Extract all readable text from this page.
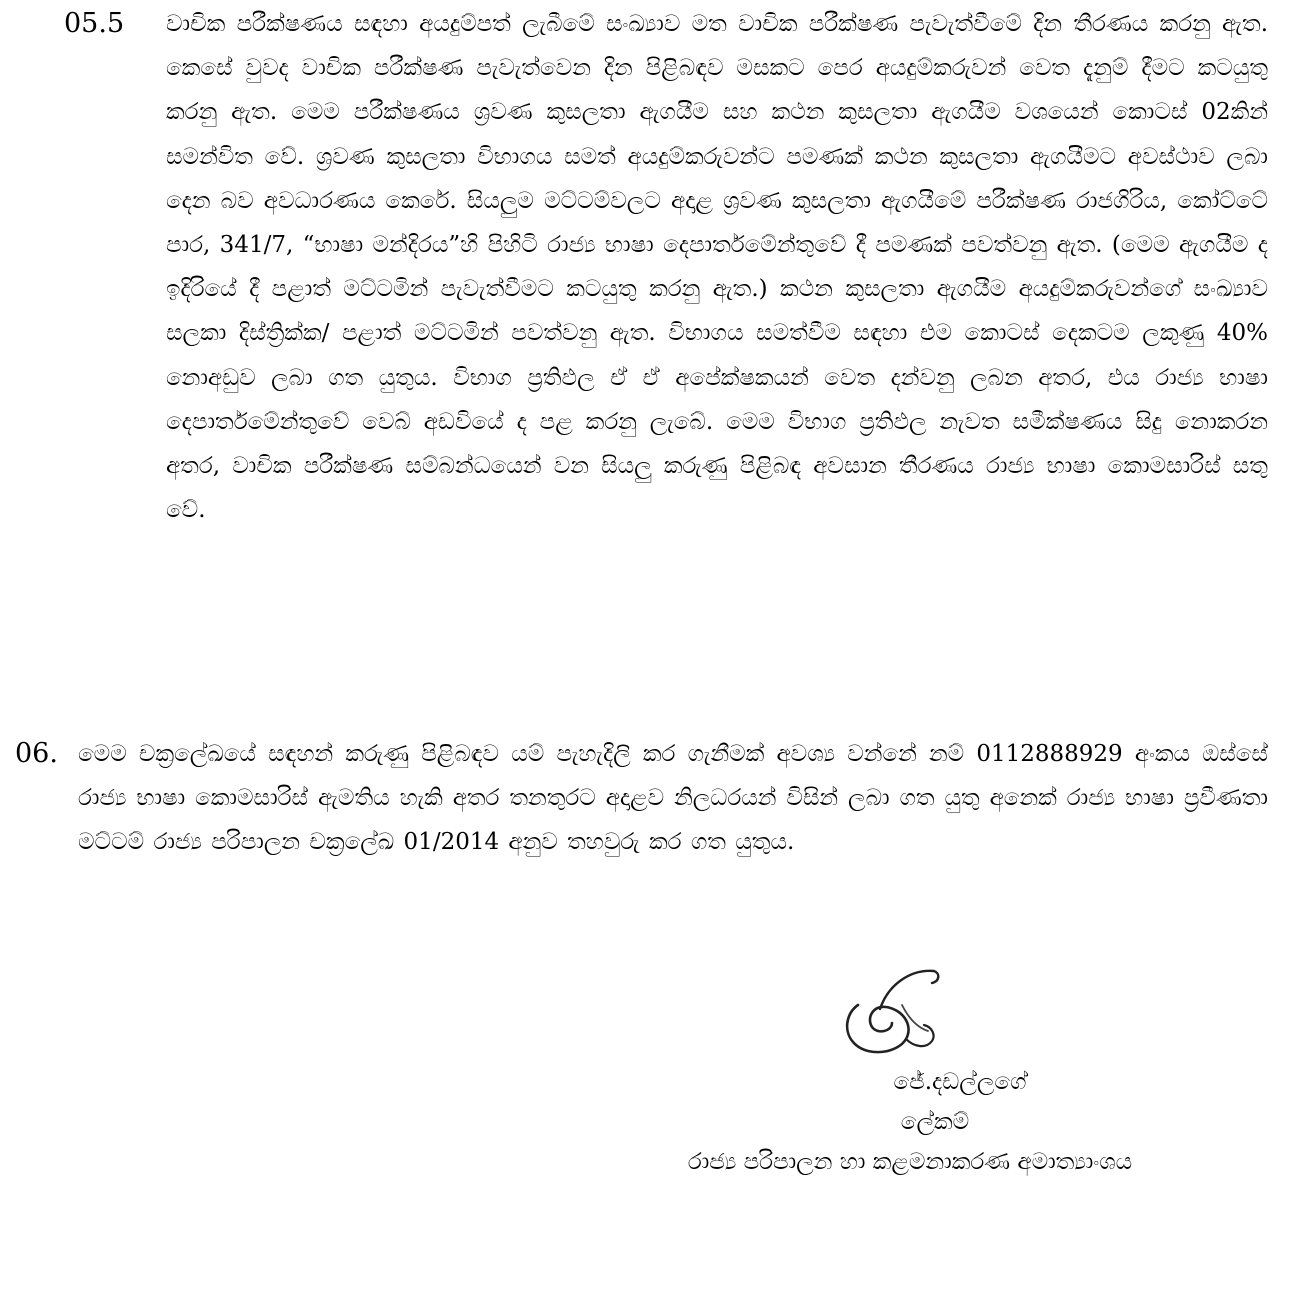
05.5 වාචික පරීක්ෂණය සඳහා අයදුම්පත් ලැබීමේ සංඛ්‍යාව මත වාචික පරීක්ෂණ පැවැත්වීමේ දින තීරණය කරනු ඇත. කෙසේ වුවද වාචික පරීක්ෂණ පැවැත්වෙන දින පිළිබඳව මසකට පෙර අයදුම්කරුවන් වෙත දැනුම් දීමට කටයුතු කරනු ඇත. මෙම පරීක්ෂණය ශ්‍රවණ කුසලතා ඇගයීම සහ කථන කුසලතා ඇගයීම වශයෙන් කොටස් 02කින් සමන්විත වේ. ශ්‍රවණ කුසලතා විභාගය සමත් අයදුම්කරුවන්ට පමණක් කථන කුසලතා ඇගයීමට අවස්ථාව ලබා දෙන බව අවධාරණය කෙරේ. සියලුම මට්ටම්වලට අදාළ ශ්‍රවණ කුසලතා ඇගයීමේ පරීක්ෂණ රාජගිරිය, කෝට්ටේ පාර, 341/7, “භාෂා මන්දිරය”හි පිහිටි රාජ්‍ය භාෂා දෙපාර්තමේන්තුවේ දී පමණක් පවත්වනු ඇත. (මෙම ඇගයීම ද ඉදිරියේ දී පළාත් මට්ටමින් පැවැත්වීමට කටයුතු කරනු ඇත.) කථන කුසලතා ඇගයීම අයදුම්කරුවන්ගේ සංඛ්‍යාව සලකා දිස්ත්‍රික්ක/ පළාත් මට්ටමින් පවත්වනු ඇත. විභාගය සමත්වීම සඳහා එම කොටස් දෙකටම ලකුණු 40% නොඅඩුව ලබා ගත යුතුය. විභාග ප්‍රතිඵල ඒ ඒ අපේක්ෂකයන් වෙත දන්වනු ලබන අතර, එය රාජ්‍ය භාෂා දෙපාර්තමේන්තුවේ වෙබ් අඩවියේ ද පළ කරනු ලැබේ. මෙම විභාග ප්‍රතිඵල නැවත සමීක්ෂණය සිදු නොකරන අතර, වාචික පරීක්ෂණ සම්බන්ධයෙන් වන සියලු කරුණු පිළිබඳ අවසාන තීරණය රාජ්‍ය භාෂා කොමසාරිස් සතු වේ.
06. මෙම චක්‍රලේඛයේ සඳහන් කරුණු පිළිබඳව යම් පැහැදිලි කර ගැනීමක් අවශ්‍ය වන්නේ නම් 0112888929 අංකය ඔස්සේ රාජ්‍ය භාෂා කොමසාරිස් ඇමතිය හැකි අතර තනතුරට අදාළව නිලධරයන් විසින් ලබා ගත යුතු අනෙක් රාජ්‍ය භාෂා ප්‍රවීණතා මට්ටම් රාජ්‍ය පරිපාලන චක්‍රලේඛ 01/2014 අනුව තහවුරු කර ගත යුතුය.
ජේ.දඩල්ලගේ
ලේකම්
රාජ්‍ය පරිපාලන හා කළමනාකරණ අමාත්‍යාංශය
